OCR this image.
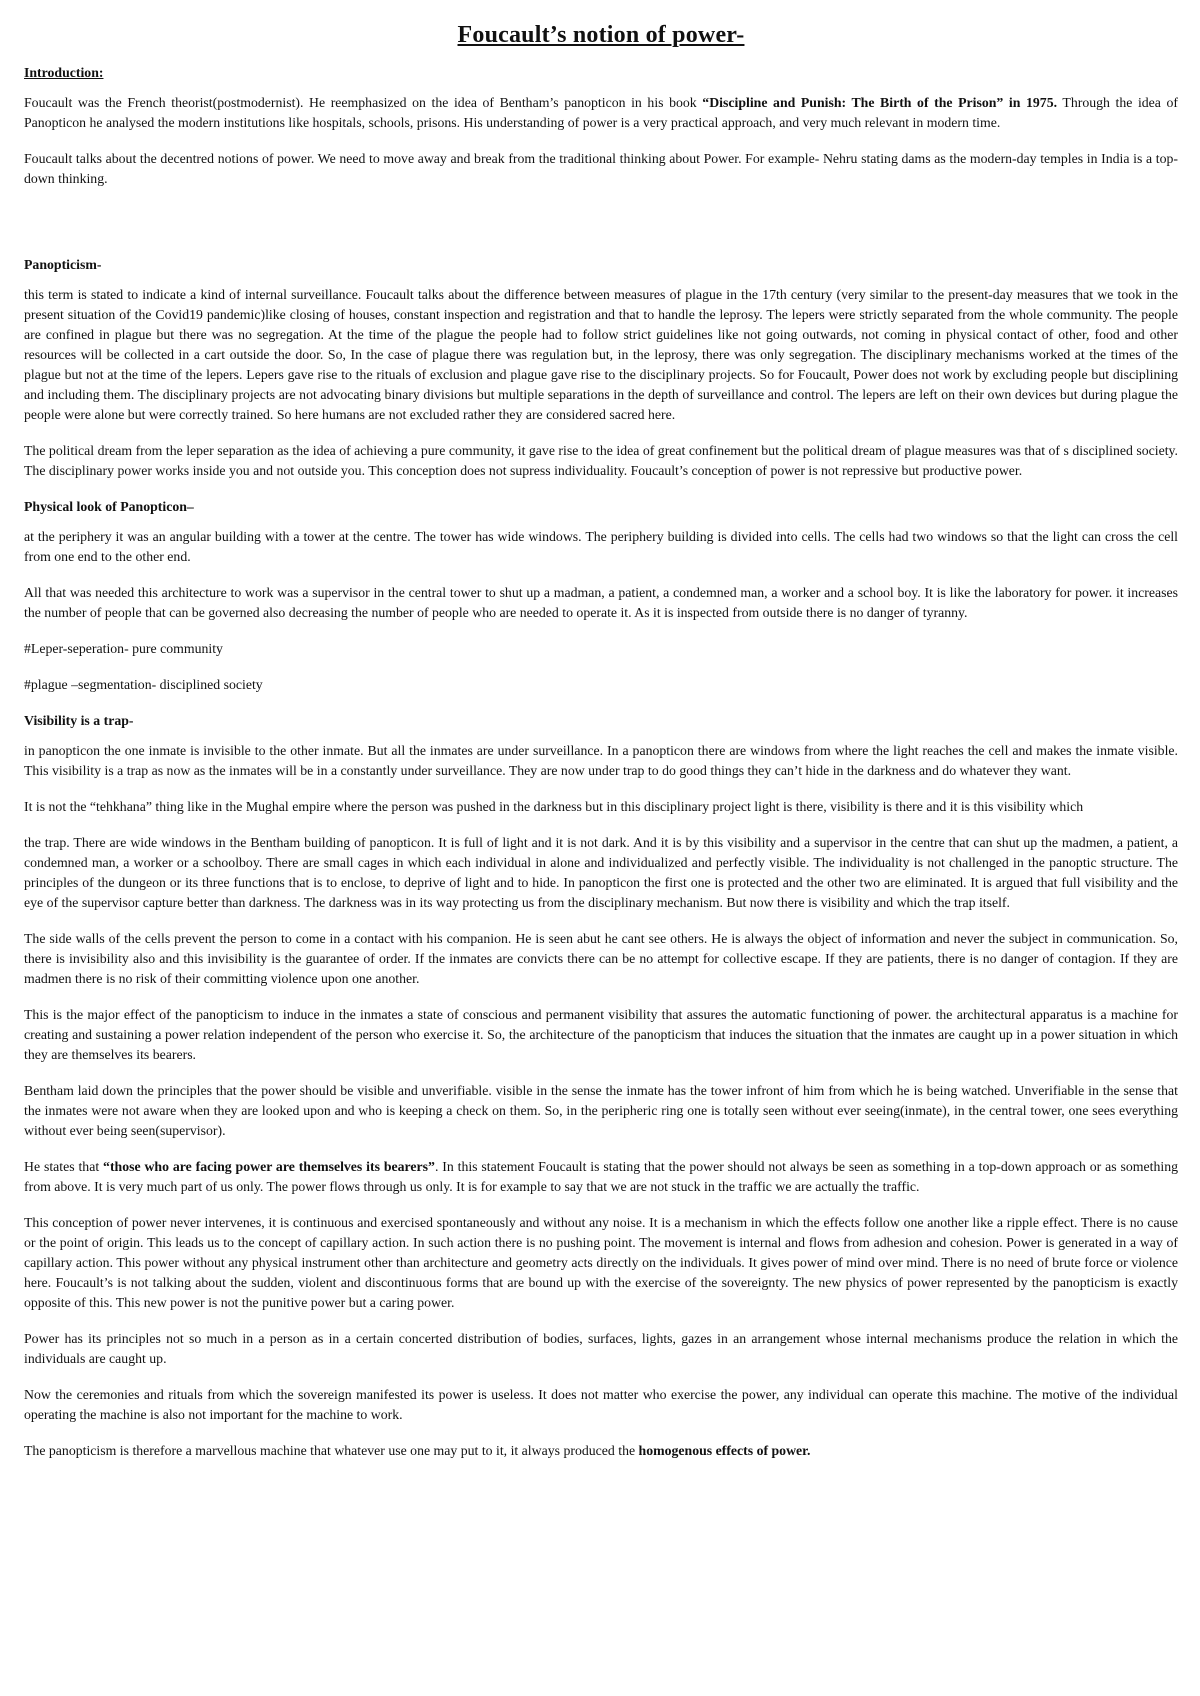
Foucault’s notion of power-
Introduction:

Foucault was the French theorist(postmodernist). He reemphasized on the idea of Bentham’s panopticon in his book “Discipline and Punish: The Birth of the Prison” in 1975. Through the idea of Panopticon he analysed the modern institutions like hospitals, schools, prisons. His understanding of power is a very practical approach, and very much relevant in modern time.

Foucault talks about the decentred notions of power. We need to move away and break from the traditional thinking about Power. For example- Nehru stating dams as the modern-day temples in India is a top-down thinking.

Panopticism-

this term is stated to indicate a kind of internal surveillance. Foucault talks about the difference between measures of plague in the 17th century (very similar to the present-day measures that we took in the present situation of the Covid19 pandemic)like closing of houses, constant inspection and registration and that to handle the leprosy. The lepers were strictly separated from the whole community. The people are confined in plague but there was no segregation. At the time of the plague the people had to follow strict guidelines like not going outwards, not coming in physical contact of other, food and other resources will be collected in a cart outside the door. So, In the case of plague there was regulation but, in the leprosy, there was only segregation. The disciplinary mechanisms worked at the times of the plague but not at the time of the lepers. Lepers gave rise to the rituals of exclusion and plague gave rise to the disciplinary projects. So for Foucault, Power does not work by excluding people but disciplining and including them. The disciplinary projects are not advocating binary divisions but multiple separations in the depth of surveillance and control. The lepers are left on their own devices but during plague the people were alone but were correctly trained. So here humans are not excluded rather they are considered sacred here.

The political dream from the leper separation as the idea of achieving a pure community, it gave rise to the idea of great confinement but the political dream of plague measures was that of s disciplined society. The disciplinary power works inside you and not outside you. This conception does not supress individuality. Foucault’s conception of power is not repressive but productive power.

Physical look of Panopticon–

at the periphery it was an angular building with a tower at the centre. The tower has wide windows. The periphery building is divided into cells. The cells had two windows so that the light can cross the cell from one end to the other end.

All that was needed this architecture to work was a supervisor in the central tower to shut up a madman, a patient, a condemned man, a worker and a school boy. It is like the laboratory for power. it increases the number of people that can be governed also decreasing the number of people who are needed to operate it. As it is inspected from outside there is no danger of tyranny.

#Leper-seperation- pure community

#plague –segmentation- disciplined society

Visibility is a trap-

in panopticon the one inmate is invisible to the other inmate. But all the inmates are under surveillance. In a panopticon there are windows from where the light reaches the cell and makes the inmate visible. This visibility is a trap as now as the inmates will be in a constantly under surveillance. They are now under trap to do good things they can’t hide in the darkness and do whatever they want.

It is not the “tehkhana” thing like in the Mughal empire where the person was pushed in the darkness but in this disciplinary project light is there, visibility is there and it is this visibility which

the trap. There are wide windows in the Bentham building of panopticon. It is full of light and it is not dark. And it is by this visibility and a supervisor in the centre that can shut up the madmen, a patient, a condemned man, a worker or a schoolboy. There are small cages in which each individual in alone and individualized and perfectly visible. The individuality is not challenged in the panoptic structure. The principles of the dungeon or its three functions that is to enclose, to deprive of light and to hide. In panopticon the first one is protected and the other two are eliminated. It is argued that full visibility and the eye of the supervisor capture better than darkness. The darkness was in its way protecting us from the disciplinary mechanism. But now there is visibility and which the trap itself.

The side walls of the cells prevent the person to come in a contact with his companion. He is seen abut he cant see others. He is always the object of information and never the subject in communication. So, there is invisibility also and this invisibility is the guarantee of order. If the inmates are convicts there can be no attempt for collective escape. If they are patients, there is no danger of contagion. If they are madmen there is no risk of their committing violence upon one another.

This is the major effect of the panopticism to induce in the inmates a state of conscious and permanent visibility that assures the automatic functioning of power. the architectural apparatus is a machine for creating and sustaining a power relation independent of the person who exercise it. So, the architecture of the panopticism that induces the situation that the inmates are caught up in a power situation in which they are themselves its bearers.

Bentham laid down the principles that the power should be visible and unverifiable. visible in the sense the inmate has the tower infront of him from which he is being watched. Unverifiable in the sense that the inmates were not aware when they are looked upon and who is keeping a check on them. So, in the peripheric ring one is totally seen without ever seeing(inmate), in the central tower, one sees everything without ever being seen(supervisor).

He states that “those who are facing power are themselves its bearers”. In this statement Foucault is stating that the power should not always be seen as something in a top-down approach or as something from above. It is very much part of us only. The power flows through us only. It is for example to say that we are not stuck in the traffic we are actually the traffic.

This conception of power never intervenes, it is continuous and exercised spontaneously and without any noise. It is a mechanism in which the effects follow one another like a ripple effect. There is no cause or the point of origin. This leads us to the concept of capillary action. In such action there is no pushing point. The movement is internal and flows from adhesion and cohesion. Power is generated in a way of capillary action. This power without any physical instrument other than architecture and geometry acts directly on the individuals. It gives power of mind over mind. There is no need of brute force or violence here. Foucault’s is not talking about the sudden, violent and discontinuous forms that are bound up with the exercise of the sovereignty. The new physics of power represented by the panopticism is exactly opposite of this. This new power is not the punitive power but a caring power.

Power has its principles not so much in a person as in a certain concerted distribution of bodies, surfaces, lights, gazes in an arrangement whose internal mechanisms produce the relation in which the individuals are caught up.

Now the ceremonies and rituals from which the sovereign manifested its power is useless. It does not matter who exercise the power, any individual can operate this machine. The motive of the individual operating the machine is also not important for the machine to work.

The panopticism is therefore a marvellous machine that whatever use one may put to it, it always produced the homogenous effects of power.
